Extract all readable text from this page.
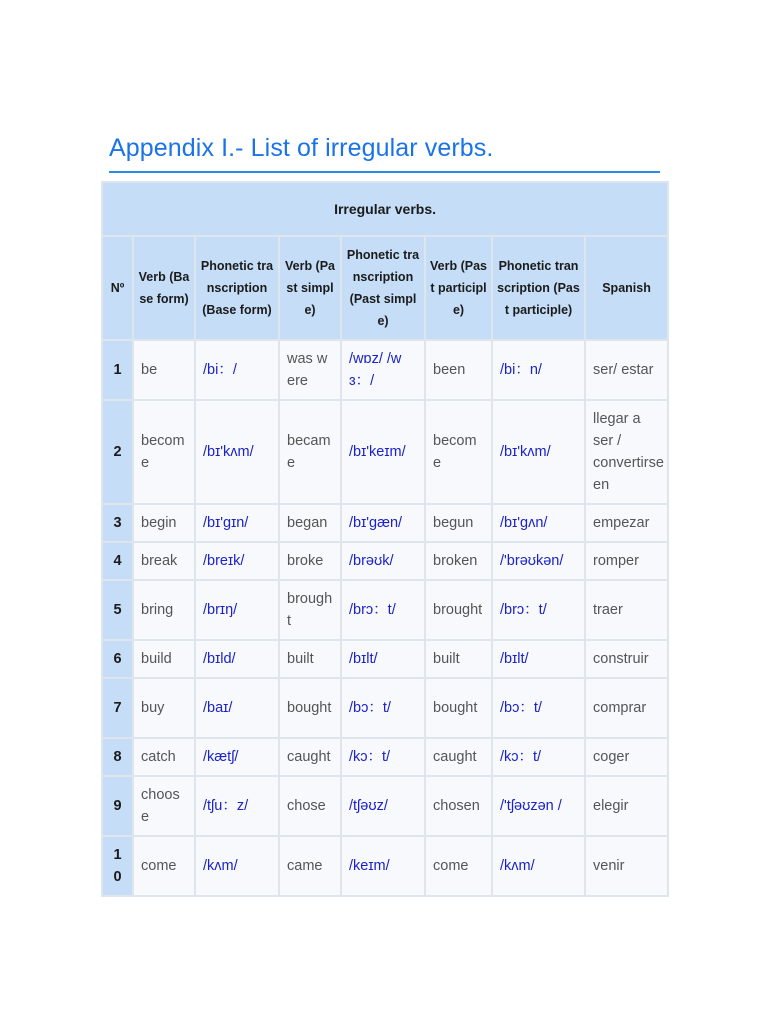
Appendix I.- List of irregular verbs.
Irregular verbs.							
Nº	Verb (Base form)	Phonetic transcription (Base form)	Verb (Past simple)	Phonetic transcription (Past simple)	Verb (Past participle)	Phonetic transcription (Past participle)	Spanish
1	be	/bi：/	was were	/wɒz/ /wɜ：/	been	/bi：n/	ser/ estar
2	become	/bɪ'kʌm/	became	/bɪ'keɪm/	become	/bɪ'kʌm/	llegar a ser / convertirse en
3	begin	/bɪ'gɪn/	began	/bɪ'gæn/	begun	/bɪ'gʌn/	empezar
4	break	/breɪk/	broke	/brəʊk/	broken	/'brəʊkən/	romper
5	bring	/brɪŋ/	brought	/brɔ：t/	brought	/brɔ：t/	traer
6	build	/bɪld/	built	/bɪlt/	built	/bɪlt/	construir
7	buy	/baɪ/	bought	/bɔ：t/	bought	/bɔ：t/	comprar
8	catch	/kætʃ/	caught	/kɔ：t/	caught	/kɔ：t/	coger
9	choose	/tʃu：z/	chose	/tʃəʊz/	chosen	/'tʃəʊzən /	elegir
10	come	/kʌm/	came	/keɪm/	come	/kʌm/	venir
